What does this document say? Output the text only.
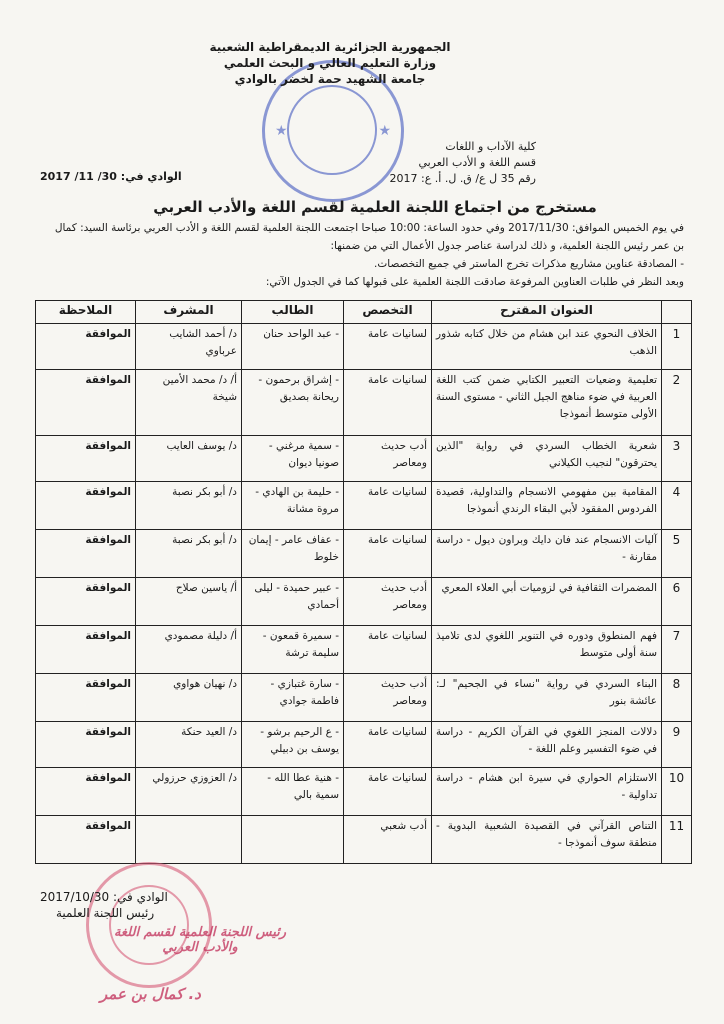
★	★
الجمهورية الجزائرية الديمقراطية الشعبية
وزارة التعليم العالي و البحث العلمي
جامعة الشهيد حمة لخضر بالوادي
كلية الآداب و اللغات
قسم اللغة و الأدب العربي
رقم 35 ل ع/ ق. ل. أ. ع: 2017
الوادي في: 30/ 11/ 2017
مستخرج من اجتماع اللجنة العلمية لقسم اللغة والأدب العربي
في يوم الخميس الموافق: 2017/11/30 وفي حدود الساعة: 10:00 صباحا اجتمعت اللجنة العلمية لقسم اللغة و الأدب العربي برئاسة السيد: كمال
بن عمر رئيس اللجنة العلمية، و ذلك لدراسة عناصر جدول الأعمال التي من ضمنها:
- المصادقة عناوين مشاريع مذكرات تخرج الماستر في جميع التخصصات.
وبعد النظر في طلبات العناوين المرفوعة صادقت اللجنة العلمية على قبولها كما في الجدول الآتي:
	العنوان المقترح	التخصص	الطالب	المشرف	الملاحظة
1	الخلاف النحوي عند ابن هشام من خلال كتابه شذور الذهب	لسانيات عامة	- عبد الواحد حنان	د/ أحمد الشايب عرباوي	الموافقة
2	تعليمية وضعيات التعبير الكتابي ضمن كتب اللغة العربية في ضوء مناهج الجيل الثاني - مستوى السنة الأولى متوسط أنموذجا	لسانيات عامة	- إشراق برحمون - ريحانة بصديق	أ/ د/ محمد الأمين شيخة	الموافقة
3	شعرية الخطاب السردي في رواية "الذين يحترقون" لنجيب الكيلاني	أدب حديث ومعاصر	- سمية مرغني - صونيا ديوان	د/ يوسف العايب	الموافقة
4	المقامية بين مفهومي الانسجام والتداولية، قصيدة الفردوس المفقود لأبي البقاء الرندي أنموذجا	لسانيات عامة	- حليمة بن الهادي - مروة مشانة	د/ أبو بكر نصبة	الموافقة
5	آليات الانسجام عند فان دايك وبراون ديول - دراسة مقارنة -	لسانيات عامة	- عفاف عامر - إيمان خلوط	د/ أبو بكر نصبة	الموافقة
6	المضمرات الثقافية في لزوميات أبي العلاء المعري	أدب حديث ومعاصر	- عبير حميدة - ليلى أحمادي	أ/ ياسين صلاح	الموافقة
7	فهم المنطوق ودوره في التنوير اللغوي لدى تلاميذ سنة أولى متوسط	لسانيات عامة	- سميرة قمعون - سليمة ترشة	أ/ دليلة مصمودي	الموافقة
8	البناء السردي في رواية "نساء في الجحيم" لـ: عائشة بنور	أدب حديث ومعاصر	- سارة غتبازي - فاطمة جوادي	د/ نهيان هواوي	الموافقة
9	دلالات المنجز اللغوي في القرآن الكريم - دراسة في ضوء التفسير وعلم اللغة -	لسانيات عامة	- ع الرحيم برشو - يوسف بن دبيلي	د/ العيد حنكة	الموافقة
10	الاستلزام الحواري في سيرة ابن هشام - دراسة تداولية -	لسانيات عامة	- هنية عطا الله - سمية بالي	د/ العزوزي حرزولي	الموافقة
11	التناص القرآني في القصيدة الشعبية البدوية - منطقة سوف أنموذجا -	أدب شعبي			الموافقة
رئيس اللجنة العلمية لقسم اللغة والأدب العربي
د. كمال بن عمر
الوادي في: 2017/10/30
رئيس اللجنة العلمية
